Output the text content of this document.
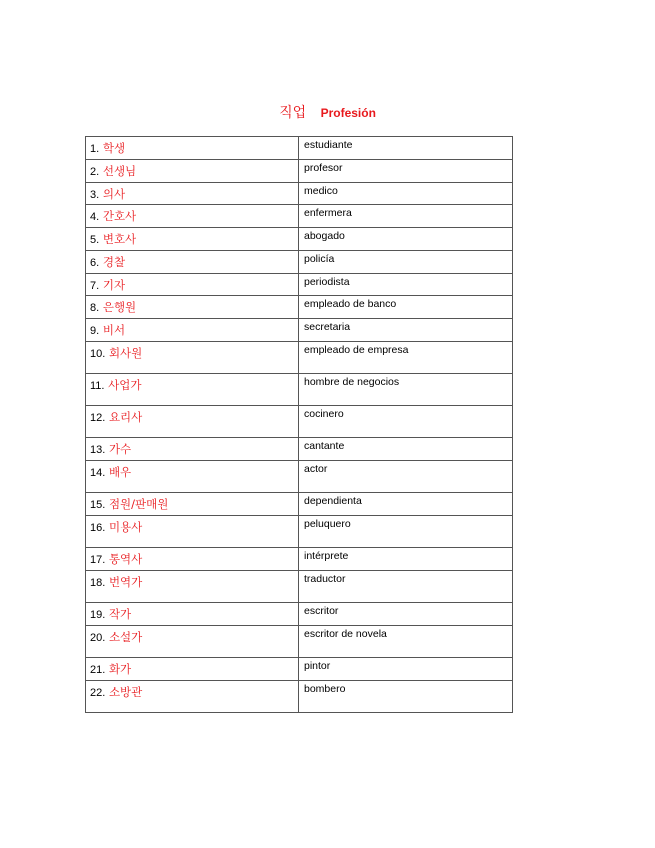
직업 Profesión
1. 학생	estudiante

2. 선생님	profesor

3. 의사	medico

4. 간호사	enfermera

5. 변호사	abogado

6. 경찰	policía

7. 기자	periodista

8. 은행원	empleado de banco

9. 비서	secretaria

10. 회사원	empleado de empresa

11. 사업가	hombre de negocios

12. 요리사	cocinero

13. 가수	cantante

14. 배우	actor

15. 점원/판매원	dependienta

16. 미용사	peluquero

17. 통역사	intérprete

18. 번역가	traductor

19. 작가	escritor

20. 소설가	escritor de novela

21. 화가	pintor

22. 소방관	bombero
